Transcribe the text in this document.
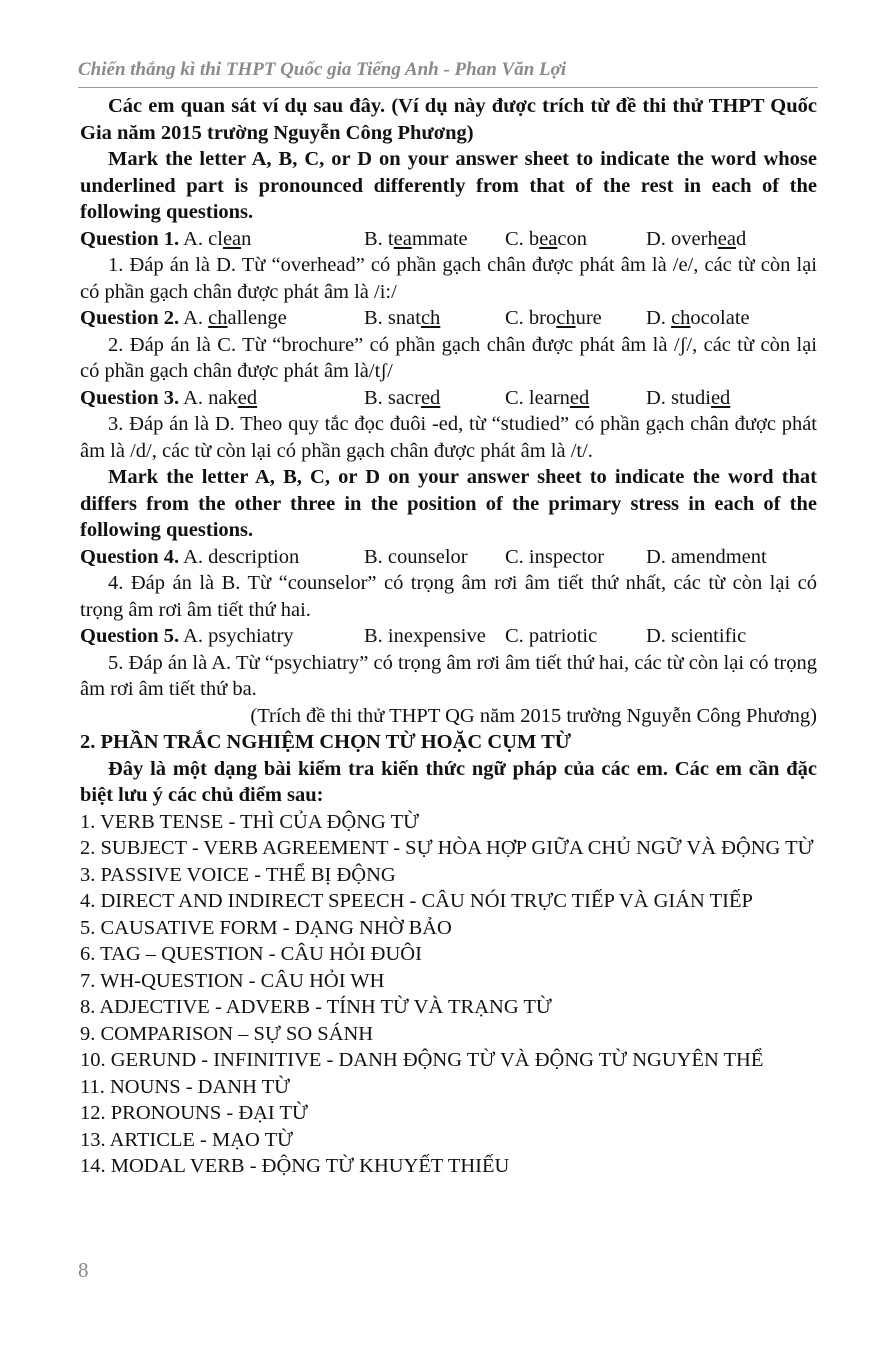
Chiến thắng kì thi THPT Quốc gia Tiếng Anh - Phan Văn Lợi

Các em quan sát ví dụ sau đây. (Ví dụ này được trích từ đề thi thử THPT Quốc Gia năm 2015 trường Nguyễn Công Phương)

Mark the letter A, B, C, or D on your answer sheet to indicate the word whose underlined part is pronounced differently from that of the rest in each of the following questions.

Question 1. A. clean	B. teammate	C. beacon	D. overhead

1. Đáp án là D. Từ “overhead” có phần gạch chân được phát âm là /e/, các từ còn lại có phần gạch chân được phát âm là /i:/

Question 2. A. challenge	B. snatch	C. brochure	D. chocolate

2. Đáp án là C. Từ “brochure” có phần gạch chân được phát âm là /ʃ/, các từ còn lại có phần gạch chân được phát âm là/tʃ/

Question 3. A. naked	B. sacred	C. learned	D. studied

3. Đáp án là D. Theo quy tắc đọc đuôi -ed, từ “studied” có phần gạch chân được phát âm là /d/, các từ còn lại có phần gạch chân được phát âm là /t/.

Mark the letter A, B, C, or D on your answer sheet to indicate the word that differs from the other three in the position of the primary stress in each of the following questions.

Question 4. A. description	B. counselor	C. inspector	D. amendment

4. Đáp án là B. Từ “counselor” có trọng âm rơi âm tiết thứ nhất, các từ còn lại có trọng âm rơi âm tiết thứ hai.

Question 5. A. psychiatry	B. inexpensive C. patriotic	D. scientific

5. Đáp án là A. Từ “psychiatry” có trọng âm rơi âm tiết thứ hai, các từ còn lại có trọng âm rơi âm tiết thứ ba.

(Trích đề thi thử THPT QG năm 2015 trường Nguyễn Công Phương)

2. PHẦN TRẮC NGHIỆM CHỌN TỪ HOẶC CỤM TỪ

Đây là một dạng bài kiểm tra kiến thức ngữ pháp của các em. Các em cần đặc biệt lưu ý các chủ điểm sau:

1. VERB TENSE - THÌ CỦA ĐỘNG TỪ

2. SUBJECT - VERB AGREEMENT - SỰ HÒA HỢP GIỮA CHỦ NGỮ VÀ ĐỘNG TỪ

3. PASSIVE VOICE - THỂ BỊ ĐỘNG

4. DIRECT AND INDIRECT SPEECH - CÂU NÓI TRỰC TIẾP VÀ GIÁN TIẾP

5. CAUSATIVE FORM - DẠNG NHỜ BẢO

6. TAG – QUESTION - CÂU HỎI ĐUÔI

7. WH-QUESTION - CÂU HỎI WH

8. ADJECTIVE - ADVERB - TÍNH TỪ VÀ TRẠNG TỪ

9. COMPARISON – SỰ SO SÁNH

10. GERUND - INFINITIVE - DANH ĐỘNG TỪ VÀ ĐỘNG TỪ NGUYÊN THỂ

11. NOUNS - DANH TỪ

12. PRONOUNS - ĐẠI TỪ

13. ARTICLE - MẠO TỪ

14. MODAL VERB - ĐỘNG TỪ KHUYẾT THIẾU

8
